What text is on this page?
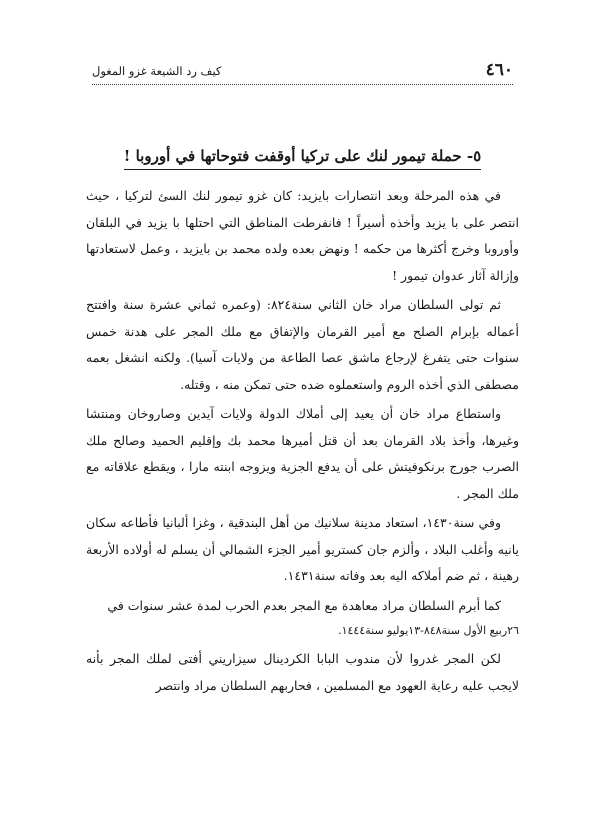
٤٦٠
كيف رد الشيعة غزو المغول
٥- حملة تيمور لنك على تركيا أوقفت فتوحاتها في أوروبا !

في هذه المرحلة وبعد انتصارات بايزيد: كان غزو تيمور لنك السئ لتركيا ، حيث انتصر على با يزيد وأخذه أسيراً ! فانفرطت المناطق التي احتلها با يزيد في البلقان وأوروبا وخرج أكثرها من حكمه ! ونهض بعده ولده محمد بن بايزيد ، وعمل لاستعادتها وإزالة آثار عدوان تيمور !

ثم تولى السلطان مراد خان الثاني سنة٨٢٤: (وعمره ثماني عشرة سنة وافتتح أعماله بإبرام الصلح مع أمير القرمان والإتفاق مع ملك المجر على هدنة خمس سنوات حتى يتفرغ لإرجاع ماشق عصا الطاعة من ولايات آسيا). ولكنه انشغل بعمه مصطفى الذي أخذه الروم واستعملوه ضده حتى تمكن منه ، وقتله.

واستطاع مراد خان أن يعيد إلى أملاك الدولة ولايات آيدين وصاروخان ومنتشا وغيرها، وأخذ بلاد القرمان بعد أن قتل أميرها محمد بك وإقليم الحميد وصالح ملك الصرب جورج برنكوفيتش على أن يدفع الجزية ويزوجه ابنته مارا ، ويقطع علاقاته مع ملك المجر .

وفي سنة١٤٣٠، استعاد مدينة سلانيك من أهل البندقية ، وغزا ألبانيا فأطاعه سكان يانيه وأغلب البلاد ، وألزم جان كستريو أمير الجزء الشمالي أن يسلم له أولاده الأربعة رهينة ، ثم ضم أملاكه اليه بعد وفاته سنة١٤٣١.

كما أبرم السلطان مراد معاهدة مع المجر بعدم الحرب لمدة عشر سنوات في

٢٦ربيع الأول سنة٨٤٨-١٣يوليو سنة١٤٤٤.

لكن المجر غدروا لأن مندوب البابا الكردينال سيزاريني أفتى لملك المجر بأنه لايجب عليه رعاية العهود مع المسلمين ، فحاربهم السلطان مراد وانتصر
